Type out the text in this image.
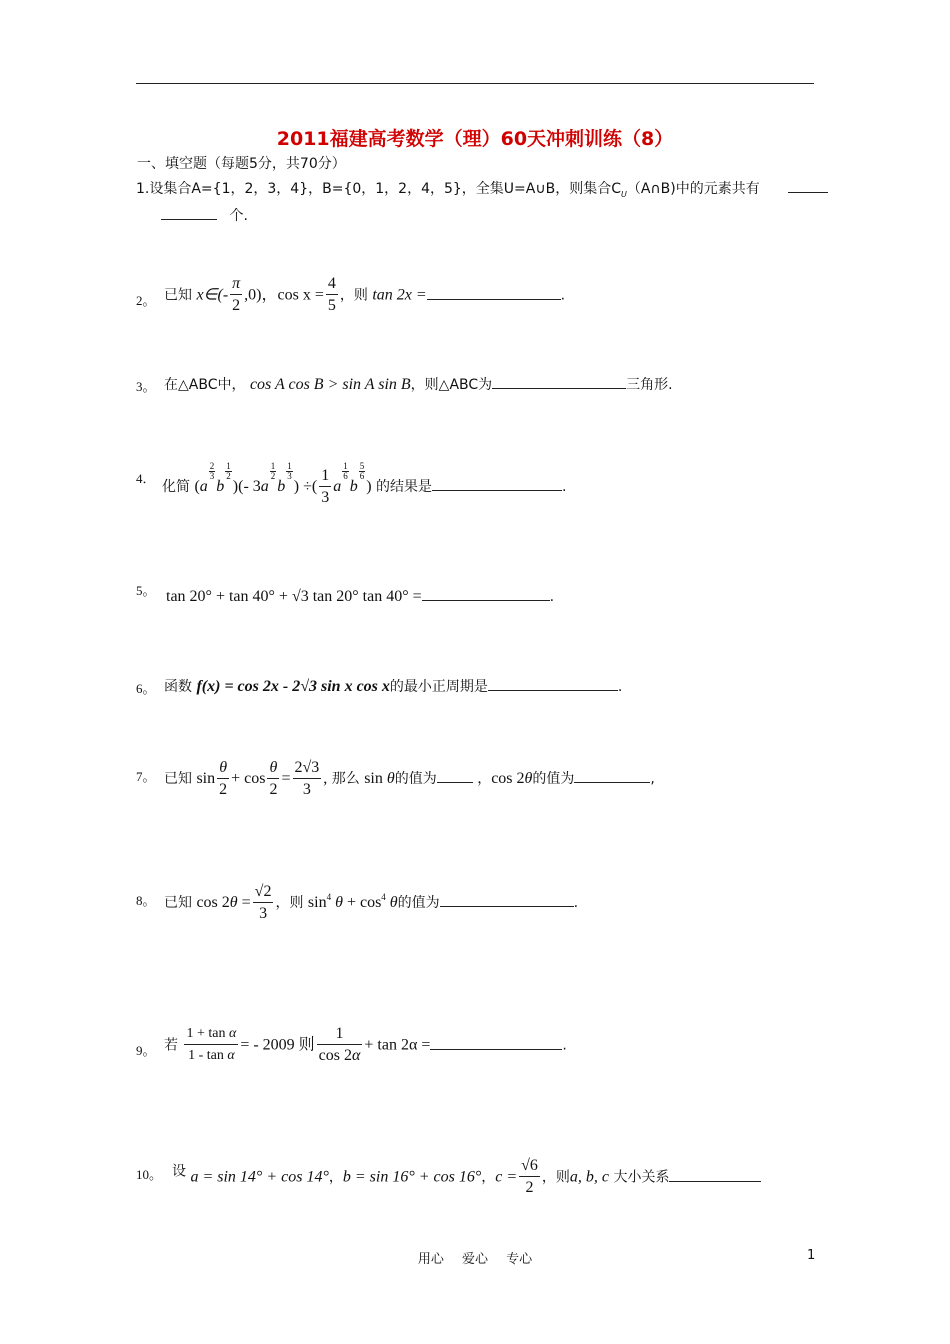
2011福建高考数学（理）60天冲刺训练（8）
一、填空题（每题5分，共70分）
1.设集合A={1，2，3，4}，B={0，1，2，4，5}，全集U=A∪B，则集合$C_U(A\cap B)$中的元素共有
个.
2。 已知 x∈(- $\frac{\pi}{2} ,0$)，$\cos x = \frac{4}{5}$ ，则 tan 2x =	.
3。 在△ABC中， cos A cos B > sin A sin B，则△ABC为	三角形.
4．
化简 (a
$\frac{2}{3}$
b
$\frac{1}{2}$
)(- 3a
$\frac{1}{2}$
b
$\frac{1}{3}$
) ÷( $\frac{1}{3}$ a
$\frac{1}{6}$
b
$\frac{5}{6}$
) 的结果是	.
5。 tan 20° + tan 40° + √3 tan 20° tan 40° =	.
6。 函数 f(x) = cos 2x - 2√3 sin x cos x的最小正周期是	.
7。 已知 $\sin \frac{\theta}{2} + \cos \frac{\theta}{2} = \frac{2√3}{3}$ , 那么 sin θ的值为	，cos 2θ的值为	,
8。 已知 $\cos 2\theta = \frac{√2}{3}$ ，则 $\sin^4 \theta + \cos^4 \theta$的值为	.
9。 若 $\frac{\text{1 + tan α}}{\text{1 - tan α}}$ = - 2009 则 $\frac{1}{\cos 2\alpha} + \tan 2\alpha$ =	.
10。 设 a = sin 14° + cos 14°，b = sin 16° + cos 16°，$c = \frac{√6}{2}$ ，则a, b, c 大小关系
用心 爱心 专心	1
